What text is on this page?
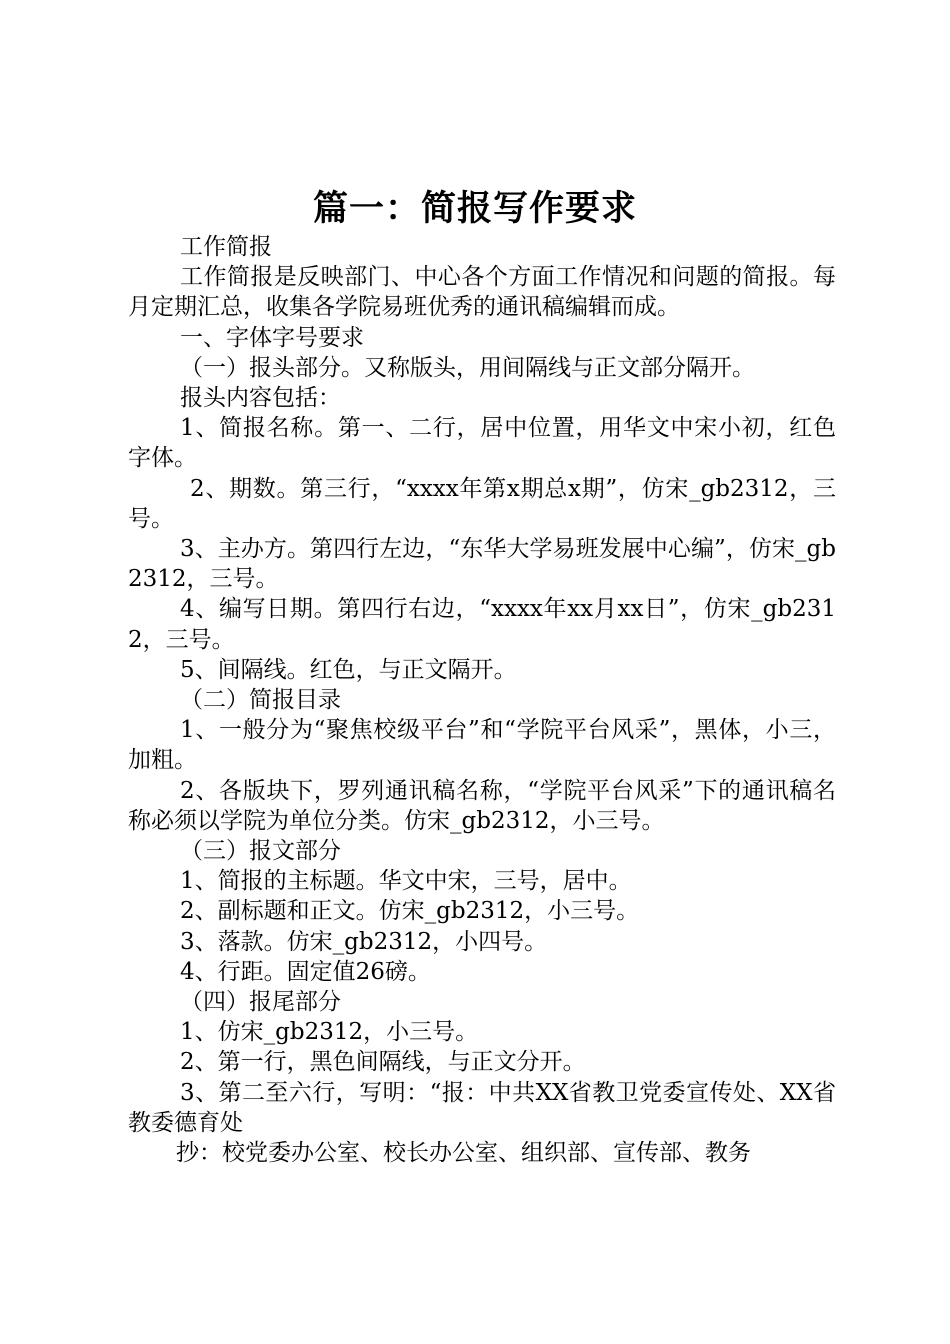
篇一：简报写作要求

工作简报

工作简报是反映部门、中心各个方面工作情况和问题的简报。每月定期汇总，收集各学院易班优秀的通讯稿编辑而成。

一、字体字号要求

（一）报头部分。又称版头，用间隔线与正文部分隔开。

报头内容包括：

1、简报名称。第一、二行，居中位置，用华文中宋小初，红色字体。

2、期数。第三行，“xxxx年第x期总x期”，仿宋_gb2312，三号。

3、主办方。第四行左边，“东华大学易班发展中心编”，仿宋_gb2312，三号。

4、编写日期。第四行右边，“xxxx年xx月xx日”，仿宋_gb2312，三号。

5、间隔线。红色，与正文隔开。

（二）简报目录

1、一般分为“聚焦校级平台”和“学院平台风采”，黑体，小三，加粗。

2、各版块下，罗列通讯稿名称，“学院平台风采”下的通讯稿名称必须以学院为单位分类。仿宋_gb2312，小三号。

（三）报文部分

1、简报的主标题。华文中宋，三号，居中。

2、副标题和正文。仿宋_gb2312，小三号。

3、落款。仿宋_gb2312，小四号。

4、行距。固定值26磅。

（四）报尾部分

1、仿宋_gb2312，小三号。

2、第一行，黑色间隔线，与正文分开。

3、第二至六行，写明：“报：中共XX省教卫党委宣传处、XX省教委德育处

抄：校党委办公室、校长办公室、组织部、宣传部、教务
